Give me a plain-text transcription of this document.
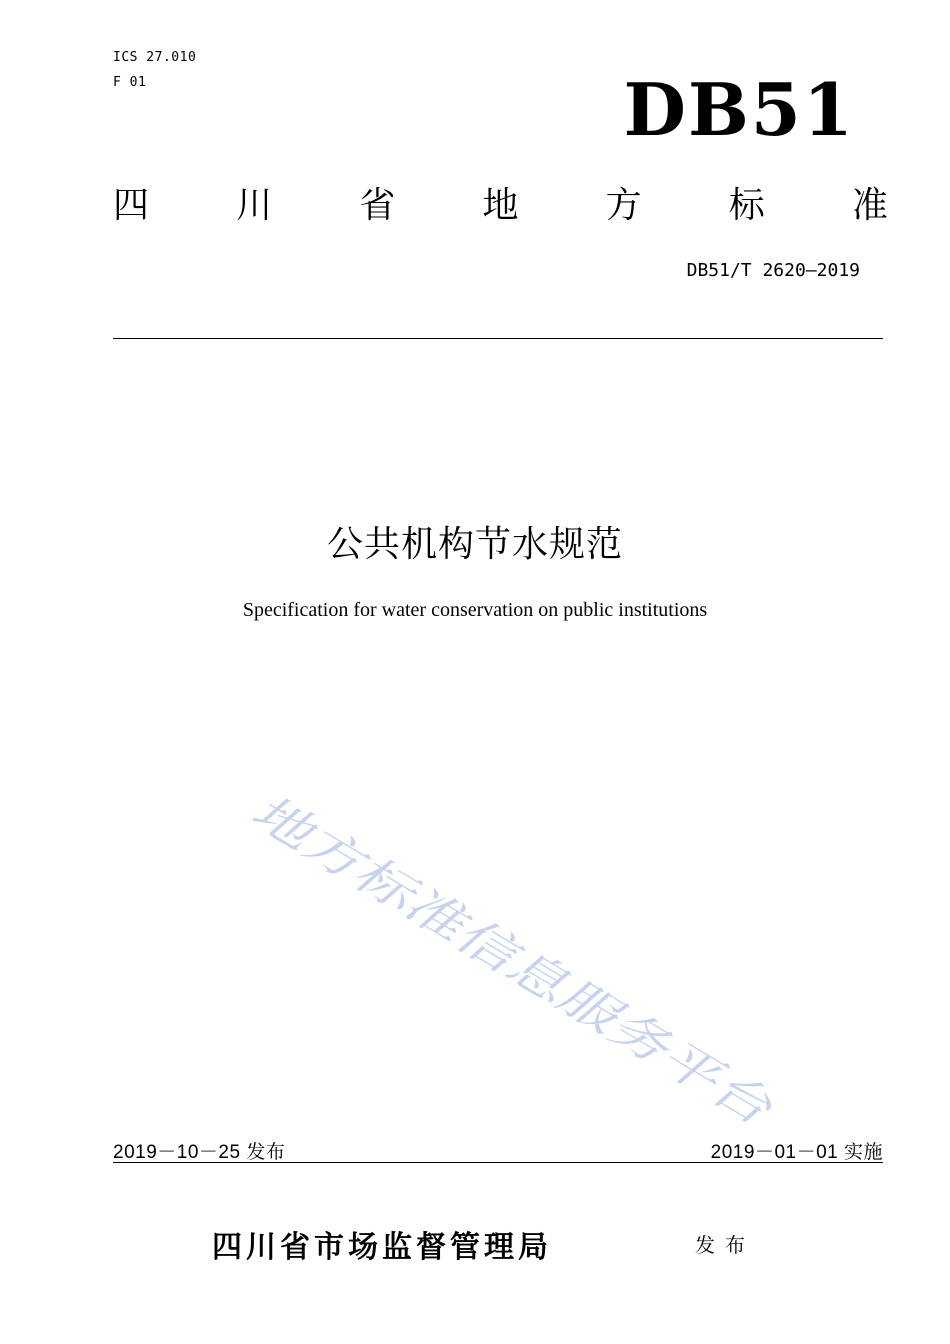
ICS 27.010
F 01	DB51
四 川 省 地 方 标 准
DB51/T 2620—2019
公共机构节水规范
Specification for water conservation on public institutions
地方标准信息服务平台
2019－10－25 发布	2019－01－01 实施
四川省市场监督管理局	发布
